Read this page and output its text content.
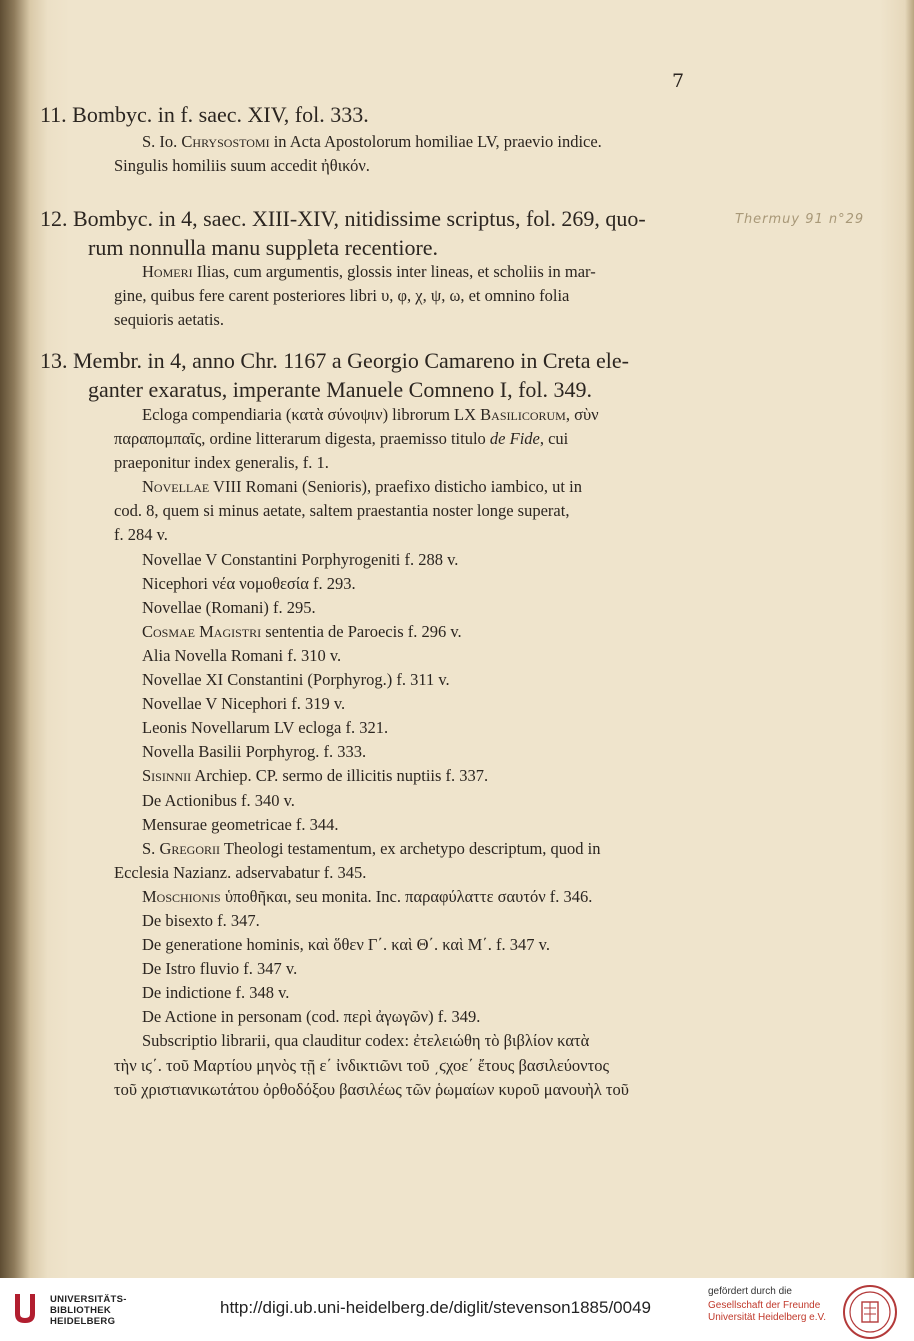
7
Thermuy 91 n°29
11. Bombyc. in f. saec. XIV, fol. 333.
S. Io. Chrysostomi in Acta Apostolorum homiliae LV, praevio indice.
Singulis homiliis suum accedit ἠθικόν.
12. Bombyc. in 4, saec. XIII-XIV, nitidissime scriptus, fol. 269, quo-
rum nonnulla manu suppleta recentiore.
Homeri Ilias, cum argumentis, glossis inter lineas, et scholiis in mar-
gine, quibus fere carent posteriores libri υ, φ, χ, ψ, ω, et omnino folia
sequioris aetatis.
13. Membr. in 4, anno Chr. 1167 a Georgio Camareno in Creta ele-
ganter exaratus, imperante Manuele Comneno I, fol. 349.
Ecloga compendiaria (κατὰ σύνοψιν) librorum LX Basilicorum, σὺν
παραπομπαῖς, ordine litterarum digesta, praemisso titulo de Fide, cui
praeponitur index generalis, f. 1.
Novellae VIII Romani (Senioris), praefixo disticho iambico, ut in
cod. 8, quem si minus aetate, saltem praestantia noster longe superat,
f. 284 v.
Novellae V Constantini Porphyrogeniti f. 288 v.
Nicephori νέα νομοθεσία f. 293.
Novellae (Romani) f. 295.
Cosmae Magistri sententia de Paroecis f. 296 v.
Alia Novella Romani f. 310 v.
Novellae XI Constantini (Porphyrog.) f. 311 v.
Novellae V Nicephori f. 319 v.
Leonis Novellarum LV ecloga f. 321.
Novella Basilii Porphyrog. f. 333.
Sisinnii Archiep. CP. sermo de illicitis nuptiis f. 337.
De Actionibus f. 340 v.
Mensurae geometricae f. 344.
S. Gregorii Theologi testamentum, ex archetypo descriptum, quod in
Ecclesia Nazianz. adservabatur f. 345.
Moschionis ὑποθῆκαι, seu monita. Inc. παραφύλαττε σαυτόν f. 346.
De bisexto f. 347.
De generatione hominis, καὶ ὅθεν Γ΄. καὶ Θ΄. καὶ Μ΄. f. 347 v.
De Istro fluvio f. 347 v.
De indictione f. 348 v.
De Actione in personam (cod. περὶ ἀγωγῶν) f. 349.
Subscriptio librarii, qua clauditur codex: ἐτελειώθη τὸ βιβλίον κατὰ
τὴν ιϛ΄. τοῦ Μαρτίου μηνὸς τῇ ε΄ ἰνδικτιῶνι τοῦ ͵ϛχοε΄ ἔτους βασιλεύοντος
τοῦ χριστιανικωτάτου ὀρθοδόξου βασιλέως τῶν ῥωμαίων κυροῦ μανουὴλ τοῦ
UNIVERSITÄTS-
BIBLIOTHEK
HEIDELBERG
http://digi.ub.uni-heidelberg.de/diglit/stevenson1885/0049
gefördert durch die
Gesellschaft der Freunde
Universität Heidelberg e.V.
